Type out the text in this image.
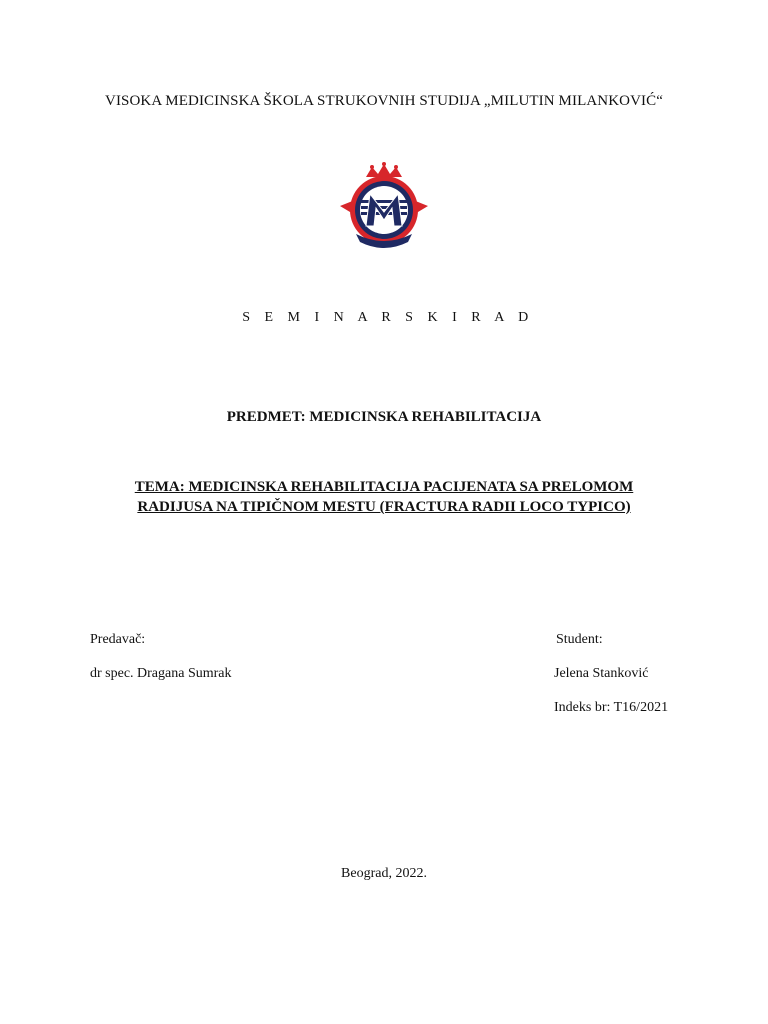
VISOKA MEDICINSKA ŠKOLA STRUKOVNIH STUDIJA „MILUTIN MILANKOVIĆ“
2006
S E M I N A R S K I R A D
PREDMET: MEDICINSKA REHABILITACIJA
TEMA: MEDICINSKA REHABILITACIJA PACIJENATA SA PRELOMOM
RADIJUSA NA TIPIČNOM MESTU (FRACTURA RADII LOCO TYPICO)
Predavač:
dr spec. Dragana Sumrak
Student:
Jelena Stanković
Indeks br: T16/2021
Beograd, 2022.
